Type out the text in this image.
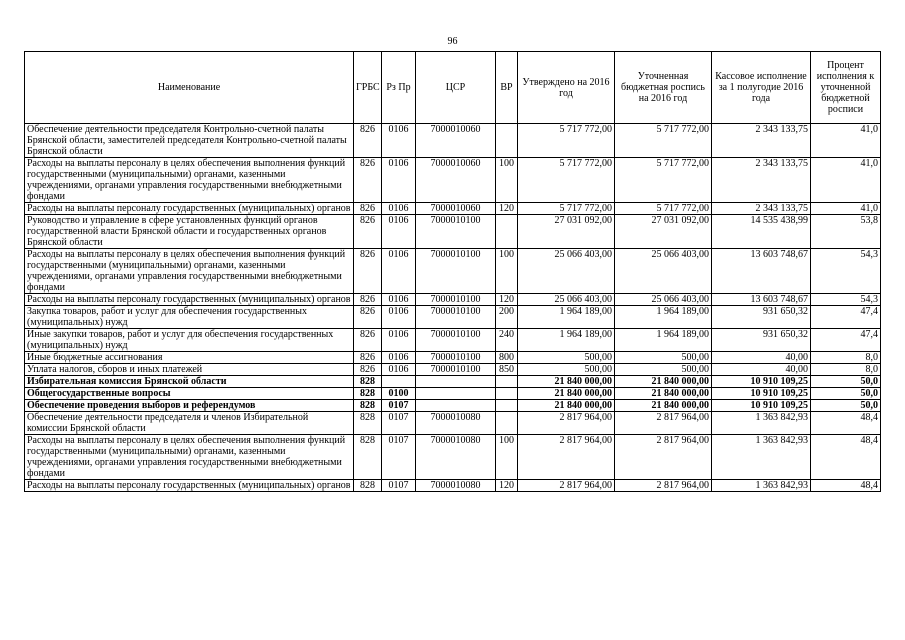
96
Наименование	ГРБС	Рз Пр	ЦСР	ВР	Утверждено на 2016 год	Уточненная бюджетная роспись на 2016 год	Кассовое исполнение за 1 полугодие 2016 года	Процент исполнения к уточненной бюджетной росписи
Обеспечение деятельности председателя Контрольно-счетной палаты Брянской области, заместителей председателя Контрольно-счетной палаты Брянской области	826	0106	7000010060		5 717 772,00	5 717 772,00	2 343 133,75	41,0
Расходы на выплаты персоналу в целях обеспечения выполнения функций государственными (муниципальными) органами, казенными учреждениями, органами управления государственными внебюджетными фондами	826	0106	7000010060	100	5 717 772,00	5 717 772,00	2 343 133,75	41,0
Расходы на выплаты персоналу государственных (муниципальных) органов	826	0106	7000010060	120	5 717 772,00	5 717 772,00	2 343 133,75	41,0
Руководство и управление в сфере установленных функций органов государственной власти Брянской области и государственных органов Брянской области	826	0106	7000010100		27 031 092,00	27 031 092,00	14 535 438,99	53,8
Расходы на выплаты персоналу в целях обеспечения выполнения функций государственными (муниципальными) органами, казенными учреждениями, органами управления государственными внебюджетными фондами	826	0106	7000010100	100	25 066 403,00	25 066 403,00	13 603 748,67	54,3
Расходы на выплаты персоналу государственных (муниципальных) органов	826	0106	7000010100	120	25 066 403,00	25 066 403,00	13 603 748,67	54,3
Закупка товаров, работ и услуг для обеспечения государственных (муниципальных) нужд	826	0106	7000010100	200	1 964 189,00	1 964 189,00	931 650,32	47,4
Иные закупки товаров, работ и услуг для обеспечения государственных (муниципальных) нужд	826	0106	7000010100	240	1 964 189,00	1 964 189,00	931 650,32	47,4
Иные бюджетные ассигнования	826	0106	7000010100	800	500,00	500,00	40,00	8,0
Уплата налогов, сборов и иных платежей	826	0106	7000010100	850	500,00	500,00	40,00	8,0
Избирательная комиссия Брянской области	828				21 840 000,00	21 840 000,00	10 910 109,25	50,0
Общегосударственные вопросы	828	0100			21 840 000,00	21 840 000,00	10 910 109,25	50,0
Обеспечение проведения выборов и референдумов	828	0107			21 840 000,00	21 840 000,00	10 910 109,25	50,0
Обеспечение деятельности председателя и членов Избирательной комиссии Брянской области	828	0107	7000010080		2 817 964,00	2 817 964,00	1 363 842,93	48,4
Расходы на выплаты персоналу в целях обеспечения выполнения функций государственными (муниципальными) органами, казенными учреждениями, органами управления государственными внебюджетными фондами	828	0107	7000010080	100	2 817 964,00	2 817 964,00	1 363 842,93	48,4
Расходы на выплаты персоналу государственных (муниципальных) органов	828	0107	7000010080	120	2 817 964,00	2 817 964,00	1 363 842,93	48,4
